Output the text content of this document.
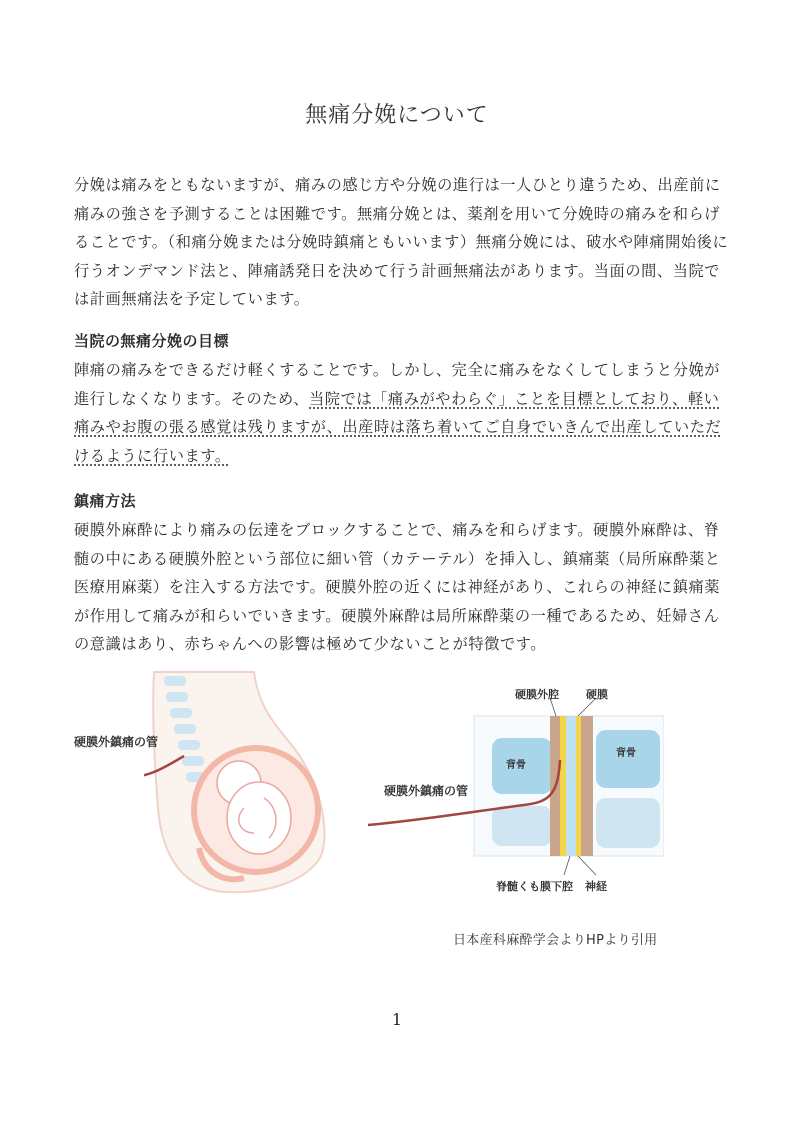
無痛分娩について

分娩は痛みをともないますが、痛みの感じ方や分娩の進行は一人ひとり違うため、出産前に痛みの強さを予測することは困難です。無痛分娩とは、薬剤を用いて分娩時の痛みを和らげることです。（和痛分娩または分娩時鎮痛ともいいます）無痛分娩には、破水や陣痛開始後に行うオンデマンド法と、陣痛誘発日を決めて行う計画無痛法があります。当面の間、当院では計画無痛法を予定しています。

当院の無痛分娩の目標

陣痛の痛みをできるだけ軽くすることです。しかし、完全に痛みをなくしてしまうと分娩が進行しなくなります。そのため、当院では「痛みがやわらぐ」ことを目標としており、軽い痛みやお腹の張る感覚は残りますが、出産時は落ち着いてご自身でいきんで出産していただけるように行います。

鎮痛方法

硬膜外麻酔により痛みの伝達をブロックすることで、痛みを和らげます。硬膜外麻酔は、脊髄の中にある硬膜外腔という部位に細い管（カテーテル）を挿入し、鎮痛薬（局所麻酔薬と医療用麻薬）を注入する方法です。硬膜外腔の近くには神経があり、これらの神経に鎮痛薬が作用して痛みが和らいでいきます。硬膜外麻酔は局所麻酔薬の一種であるため、妊婦さんの意識はあり、赤ちゃんへの影響は極めて少ないことが特徴です。

硬膜外鎮痛の管
硬膜外腔 硬膜
背骨
背骨
硬膜外鎮痛の管
脊髄くも膜下腔 神経
日本産科麻酔学会よりHPより引用
1
